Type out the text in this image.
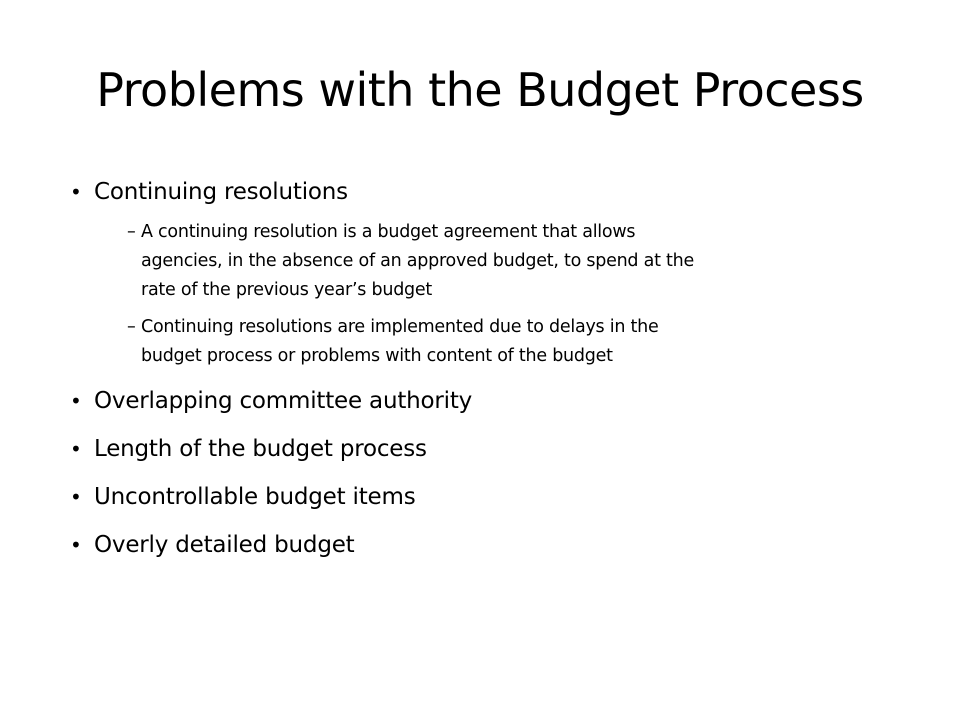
Problems with the Budget Process
• Continuing resolutions
– A continuing resolution is a budget agreement that allows
agencies, in the absence of an approved budget, to spend at the
rate of the previous year’s budget
– Continuing resolutions are implemented due to delays in the
budget process or problems with content of the budget
• Overlapping committee authority
• Length of the budget process
• Uncontrollable budget items
• Overly detailed budget
